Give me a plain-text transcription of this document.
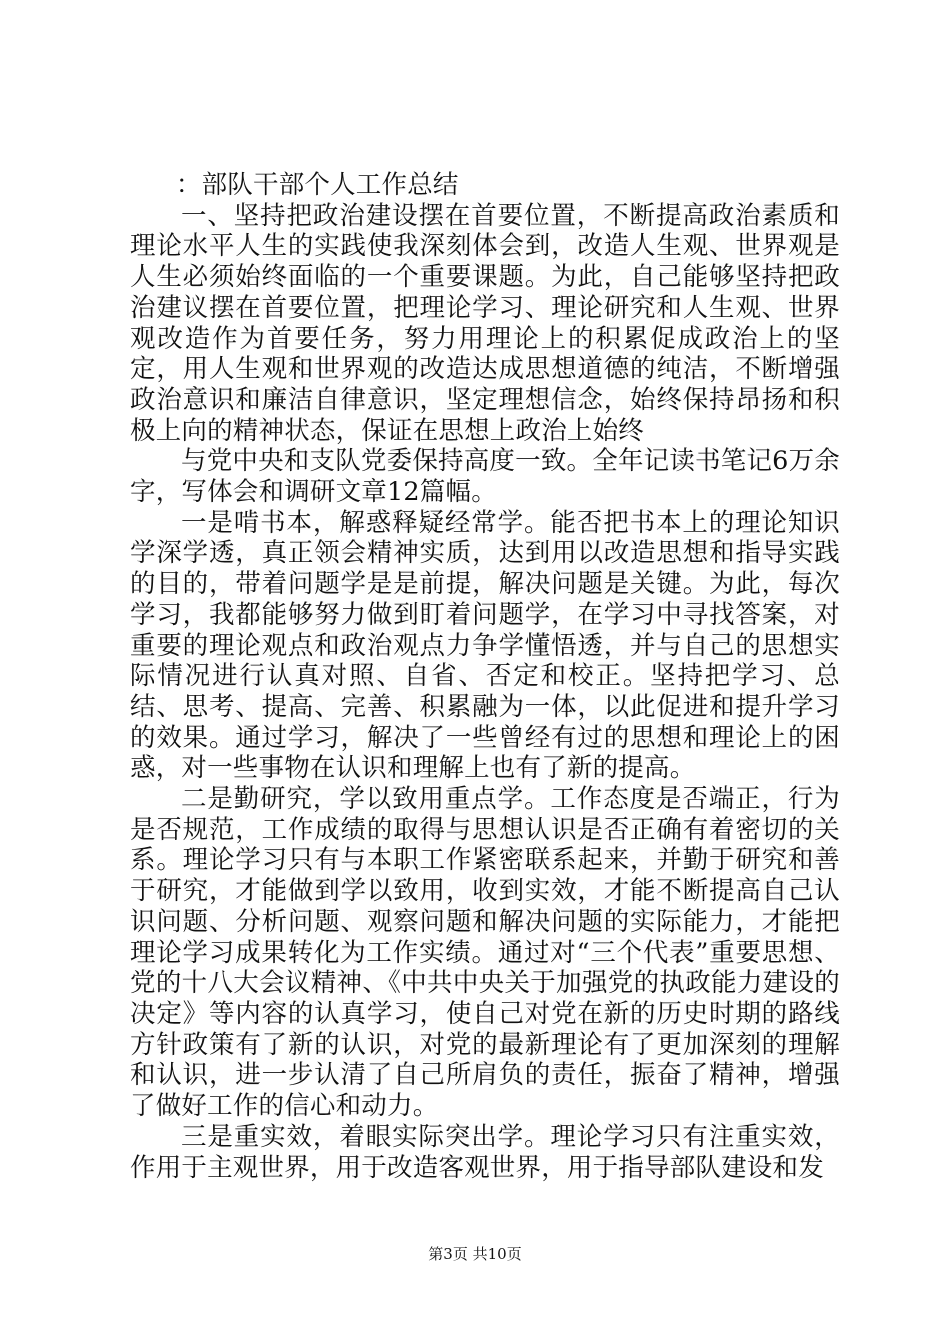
：部队干部个人工作总结

一、坚持把政治建设摆在首要位置，不断提高政治素质和理论水平人生的实践使我深刻体会到，改造人生观、世界观是人生必须始终面临的一个重要课题。为此，自己能够坚持把政治建议摆在首要位置，把理论学习、理论研究和人生观、世界观改造作为首要任务，努力用理论上的积累促成政治上的坚定，用人生观和世界观的改造达成思想道德的纯洁，不断增强政治意识和廉洁自律意识，坚定理想信念，始终保持昂扬和积极上向的精神状态，保证在思想上政治上始终

与党中央和支队党委保持高度一致。全年记读书笔记6万余字，写体会和调研文章12篇幅。

一是啃书本，解惑释疑经常学。能否把书本上的理论知识学深学透，真正领会精神实质，达到用以改造思想和指导实践的目的，带着问题学是是前提，解决问题是关键。为此，每次学习，我都能够努力做到盯着问题学，在学习中寻找答案，对重要的理论观点和政治观点力争学懂悟透，并与自己的思想实际情况进行认真对照、自省、否定和校正。坚持把学习、总结、思考、提高、完善、积累融为一体，以此促进和提升学习的效果。通过学习，解决了一些曾经有过的思想和理论上的困惑，对一些事物在认识和理解上也有了新的提高。

二是勤研究，学以致用重点学。工作态度是否端正，行为是否规范，工作成绩的取得与思想认识是否正确有着密切的关系。理论学习只有与本职工作紧密联系起来，并勤于研究和善于研究，才能做到学以致用，收到实效，才能不断提高自己认识问题、分析问题、观察问题和解决问题的实际能力，才能把理论学习成果转化为工作实绩。通过对“三个代表”重要思想、党的十八大会议精神、《中共中央关于加强党的执政能力建设的决定》等内容的认真学习，使自己对党在新的历史时期的路线方针政策有了新的认识，对党的最新理论有了更加深刻的理解和认识，进一步认清了自己所肩负的责任，振奋了精神，增强了做好工作的信心和动力。

三是重实效，着眼实际突出学。理论学习只有注重实效，作用于主观世界，用于改造客观世界，用于指导部队建设和发

第3页 共10页
